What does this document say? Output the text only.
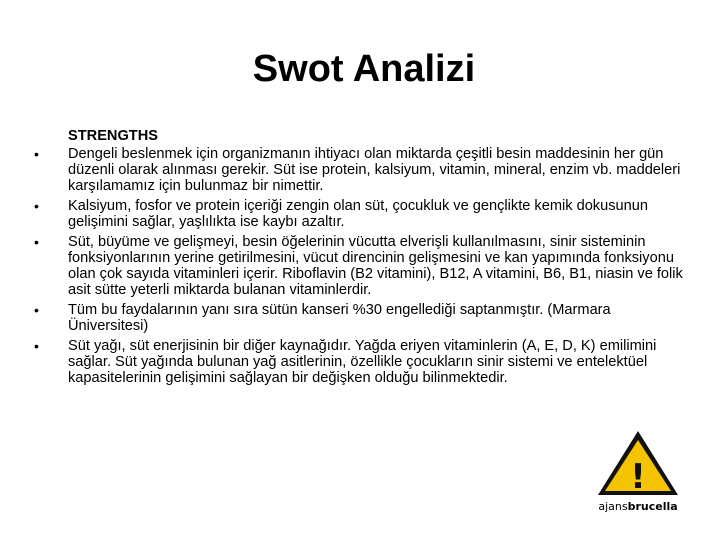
Swot Analizi
STRENGTHS
•	Dengeli beslenmek için organizmanın ihtiyacı olan miktarda çeşitli besin maddesinin her gün düzenli olarak alınması gerekir. Süt ise protein, kalsiyum, vitamin, mineral, enzim vb. maddeleri karşılamamız için bulunmaz bir nimettir.
•	Kalsiyum, fosfor ve protein içeriği zengin olan süt, çocukluk ve gençlikte kemik dokusunun gelişimini sağlar, yaşlılıkta ise kaybı azaltır.
•	Süt, büyüme ve gelişmeyi, besin öğelerinin vücutta elverişli kullanılmasını, sinir sisteminin fonksiyonlarının yerine getirilmesini, vücut direncinin gelişmesini ve kan yapımında fonksiyonu olan çok sayıda vitaminleri içerir. Riboflavin (B2 vitamini), B12, A vitamini, B6, B1, niasin ve folik asit sütte yeterli miktarda bulanan vitaminlerdir.
•	Tüm bu faydalarının yanı sıra sütün kanseri %30 engellediği saptanmıştır. (Marmara Üniversitesi)
•	Süt yağı, süt enerjisinin bir diğer kaynağıdır. Yağda eriyen vitaminlerin (A, E, D, K) emilimini sağlar. Süt yağında bulunan yağ asitlerinin, özellikle çocukların sinir sistemi ve entelektüel kapasitelerinin gelişimini sağlayan bir değişken olduğu bilinmektedir.
!
ajansbrucella
